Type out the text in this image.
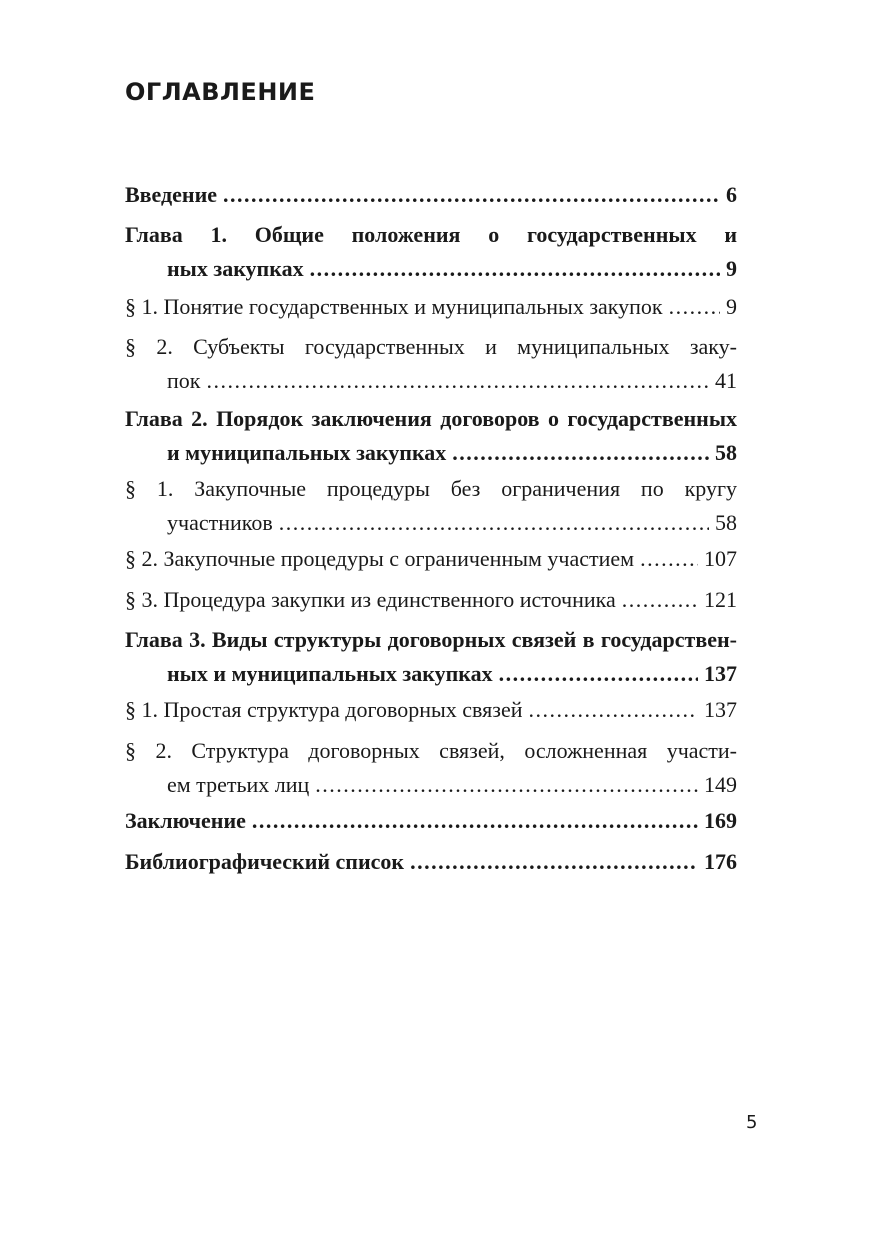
ОГЛАВЛЕНИЕ
Введение .....	6
Глава 1. Общие положения о государственных и
ных закупках .....	9
§ 1. Понятие государственных и муниципальных закупок .....	9
§ 2. Субъекты государственных и муниципальных заку-
пок .....	41
Глава 2. Порядок заключения договоров о государственных
и муниципальных закупках .....	58
§ 1. Закупочные процедуры без ограничения по кругу
участников .....	58
§ 2. Закупочные процедуры с ограниченным участием .....	107
§ 3. Процедура закупки из единственного источника .....	121
Глава 3. Виды структуры договорных связей в государствен-
ных и муниципальных закупках .....	137
§ 1. Простая структура договорных связей .....	137
§ 2. Структура договорных связей, осложненная участи-
ем третьих лиц .....	149
Заключение .....	169
Библиографический список .....	176

5
